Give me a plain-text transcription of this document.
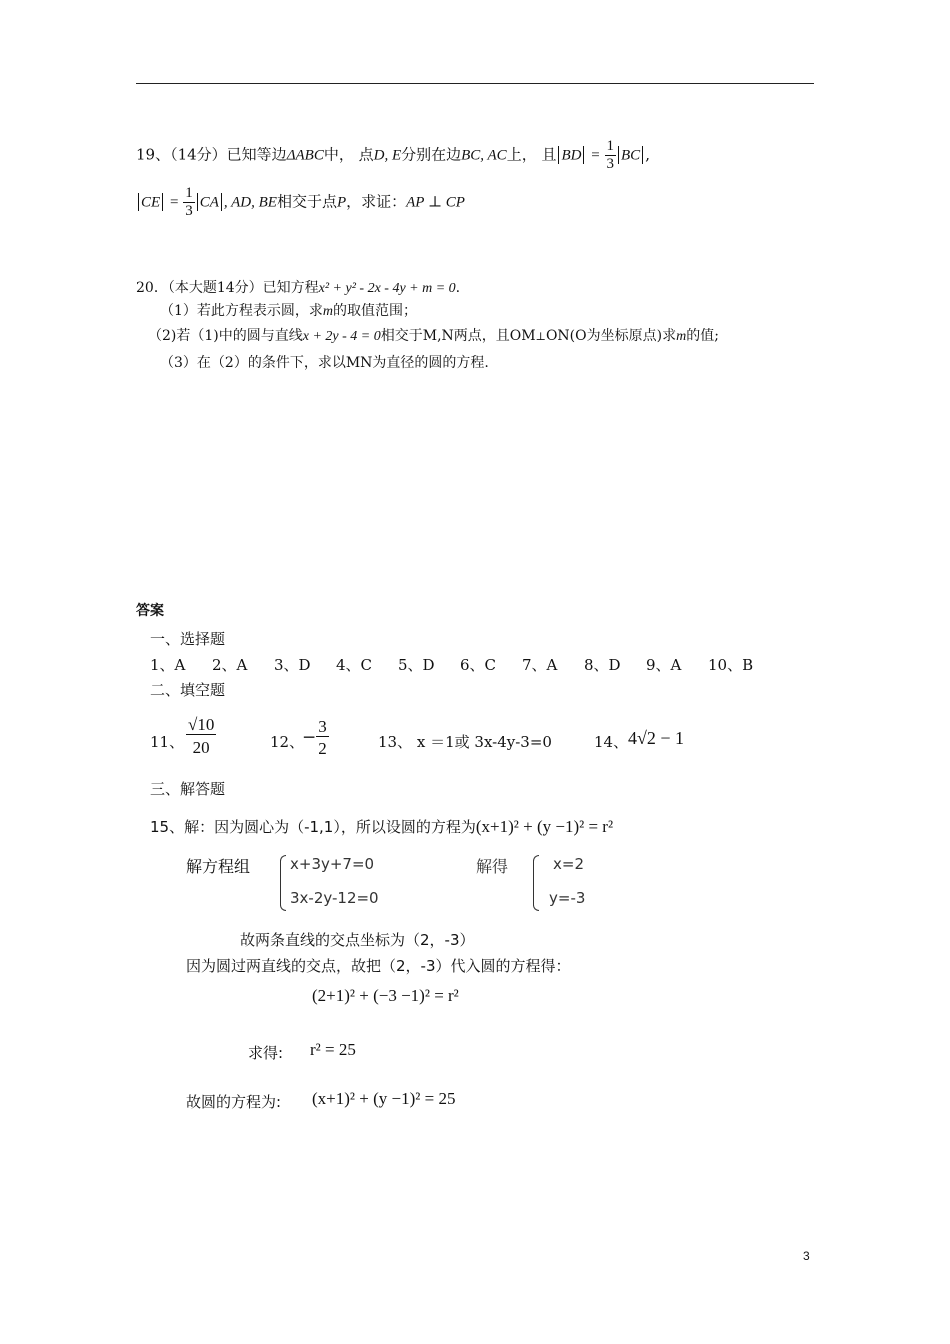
19、（14分）已知等边ΔABC中， 点D, E分别在边BC, AC上， 且 BD = $\frac{1}{3}$ BC ,
CE = $\frac{1}{3}$ CA , AD, BE相交于点P，求证：AP ⊥ CP
20．（本大题14分）已知方程x² + y² - 2x - 4y + m = 0.
（1）若此方程表示圆，求m的取值范围；
（2)若（1)中的圆与直线x + 2y - 4 = 0相交于M,N两点，且OM⊥ON(O为坐标原点)求m的值;
（3）在（2）的条件下，求以MN为直径的圆的方程.
答案
一、选择题
1、A 2、A 3、D 4、C 5、D 6、C 7、A 8、D 9、A 10、B
二、填空题
11、 $\frac{√10}{20}$	12、
− $\frac{3}{2}$	13、 x ＝1或 3x-4y-3=0	14、 4√2 − 1
三、解答题
15、解：因为圆心为（-1,1），所以设圆的方程为(x+1)² + (y −1)² = r²
解方程组	x+3y+7=0
3x-2y-12=0
解得	x=2
y=-3
故两条直线的交点坐标为（2，-3）
因为圆过两直线的交点，故把（2，-3）代入圆的方程得：
(2+1)² + (−3 −1)² = r²
求得: r² = 25
故圆的方程为: (x+1)² + (y −1)² = 25
3
